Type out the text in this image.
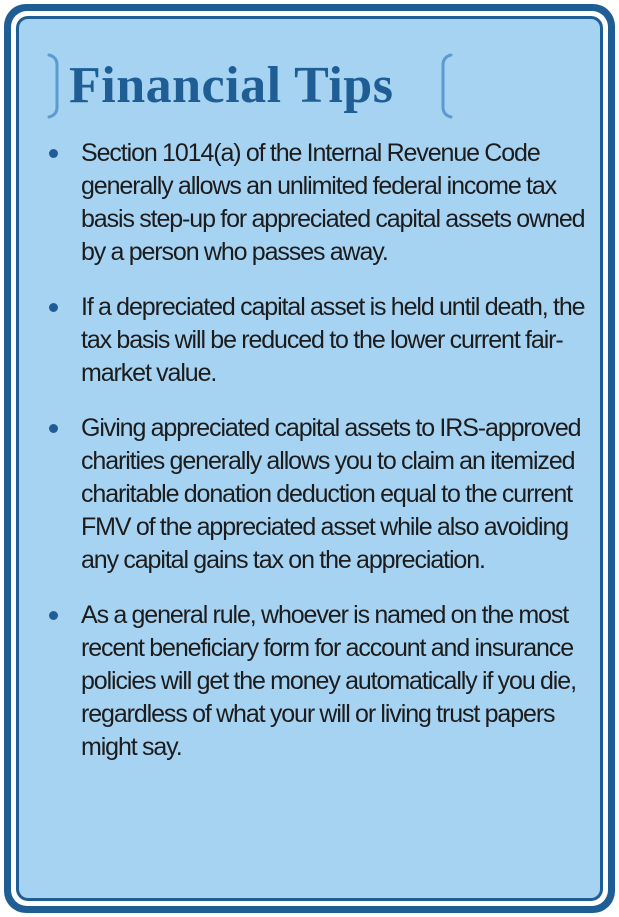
Financial Tips
Section 1014(a) of the Internal Revenue Code generally allows an unlimited federal income tax basis step-up for appreciated capital assets owned by a person who passes away.
If a depreciated capital asset is held until death, the tax basis will be reduced to the lower current fair-market value.
Giving appreciated capital assets to IRS-approved charities generally allows you to claim an itemized charitable donation deduction equal to the current FMV of the appreciated asset while also avoiding any capital gains tax on the appreciation.
As a general rule, whoever is named on the most recent beneficiary form for account and insurance policies will get the money automatically if you die, regardless of what your will or living trust papers might say.
